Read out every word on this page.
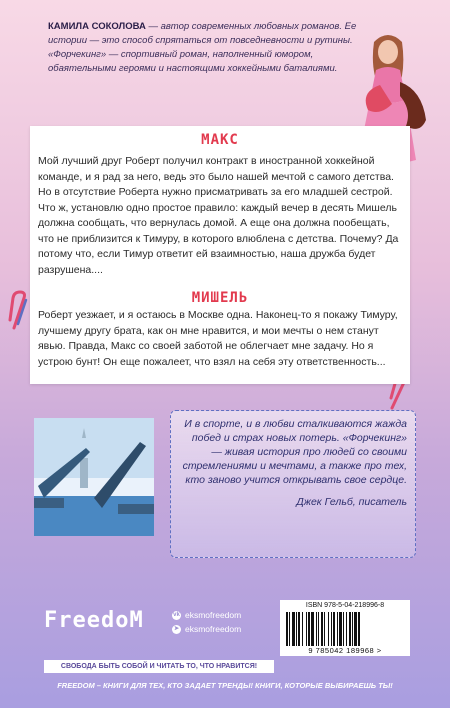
КАМИЛА СОКОЛОВА — автор современных любовных романов. Ее истории — это способ спрятаться от повседневности и рутины. «Форчекинг» — спортивный роман, наполненный юмором, обаятельными героями и настоящими хоккейными баталиями.
МАКС
Мой лучший друг Роберт получил контракт в иностранной хоккейной команде, и я рад за него, ведь это было нашей мечтой с самого детства. Но в отсутствие Роберта нужно присматривать за его младшей сестрой. Что ж, установлю одно простое правило: каждый вечер в десять Мишель должна сообщать, что вернулась домой. А еще она должна пообещать, что не приблизится к Тимуру, в которого влюблена с детства. Почему? Да потому что, если Тимур ответит ей взаимностью, наша дружба будет разрушена....
МИШЕЛЬ
Роберт уезжает, и я остаюсь в Москве одна. Наконец-то я покажу Тимуру, лучшему другу брата, как он мне нравится, и мои мечты о нем станут явью. Правда, Макс со своей заботой не облегчает мне задачу. Но я устрою бунт! Он еще пожалеет, что взял на себя эту ответственность...
И в спорте, и в любви сталкиваются жажда побед и страх новых потерь. «Форчекинг» — живая история про людей со своими стремлениями и мечтами, а также про тех, кто заново учится открывать свое сердце.
Джек Гельб, писатель
FreedoM	vk eksmofreedom
➤ eksmofreedom
ISBN 978-5-04-218996-8
9 785042 189968 >
СВОБОДА БЫТЬ СОБОЙ И ЧИТАТЬ ТО, ЧТО НРАВИТСЯ!
FREEDOM – КНИГИ ДЛЯ ТЕХ, КТО ЗАДАЕТ ТРЕНДЫ! КНИГИ, КОТОРЫЕ ВЫБИРАЕШЬ ТЫ!
